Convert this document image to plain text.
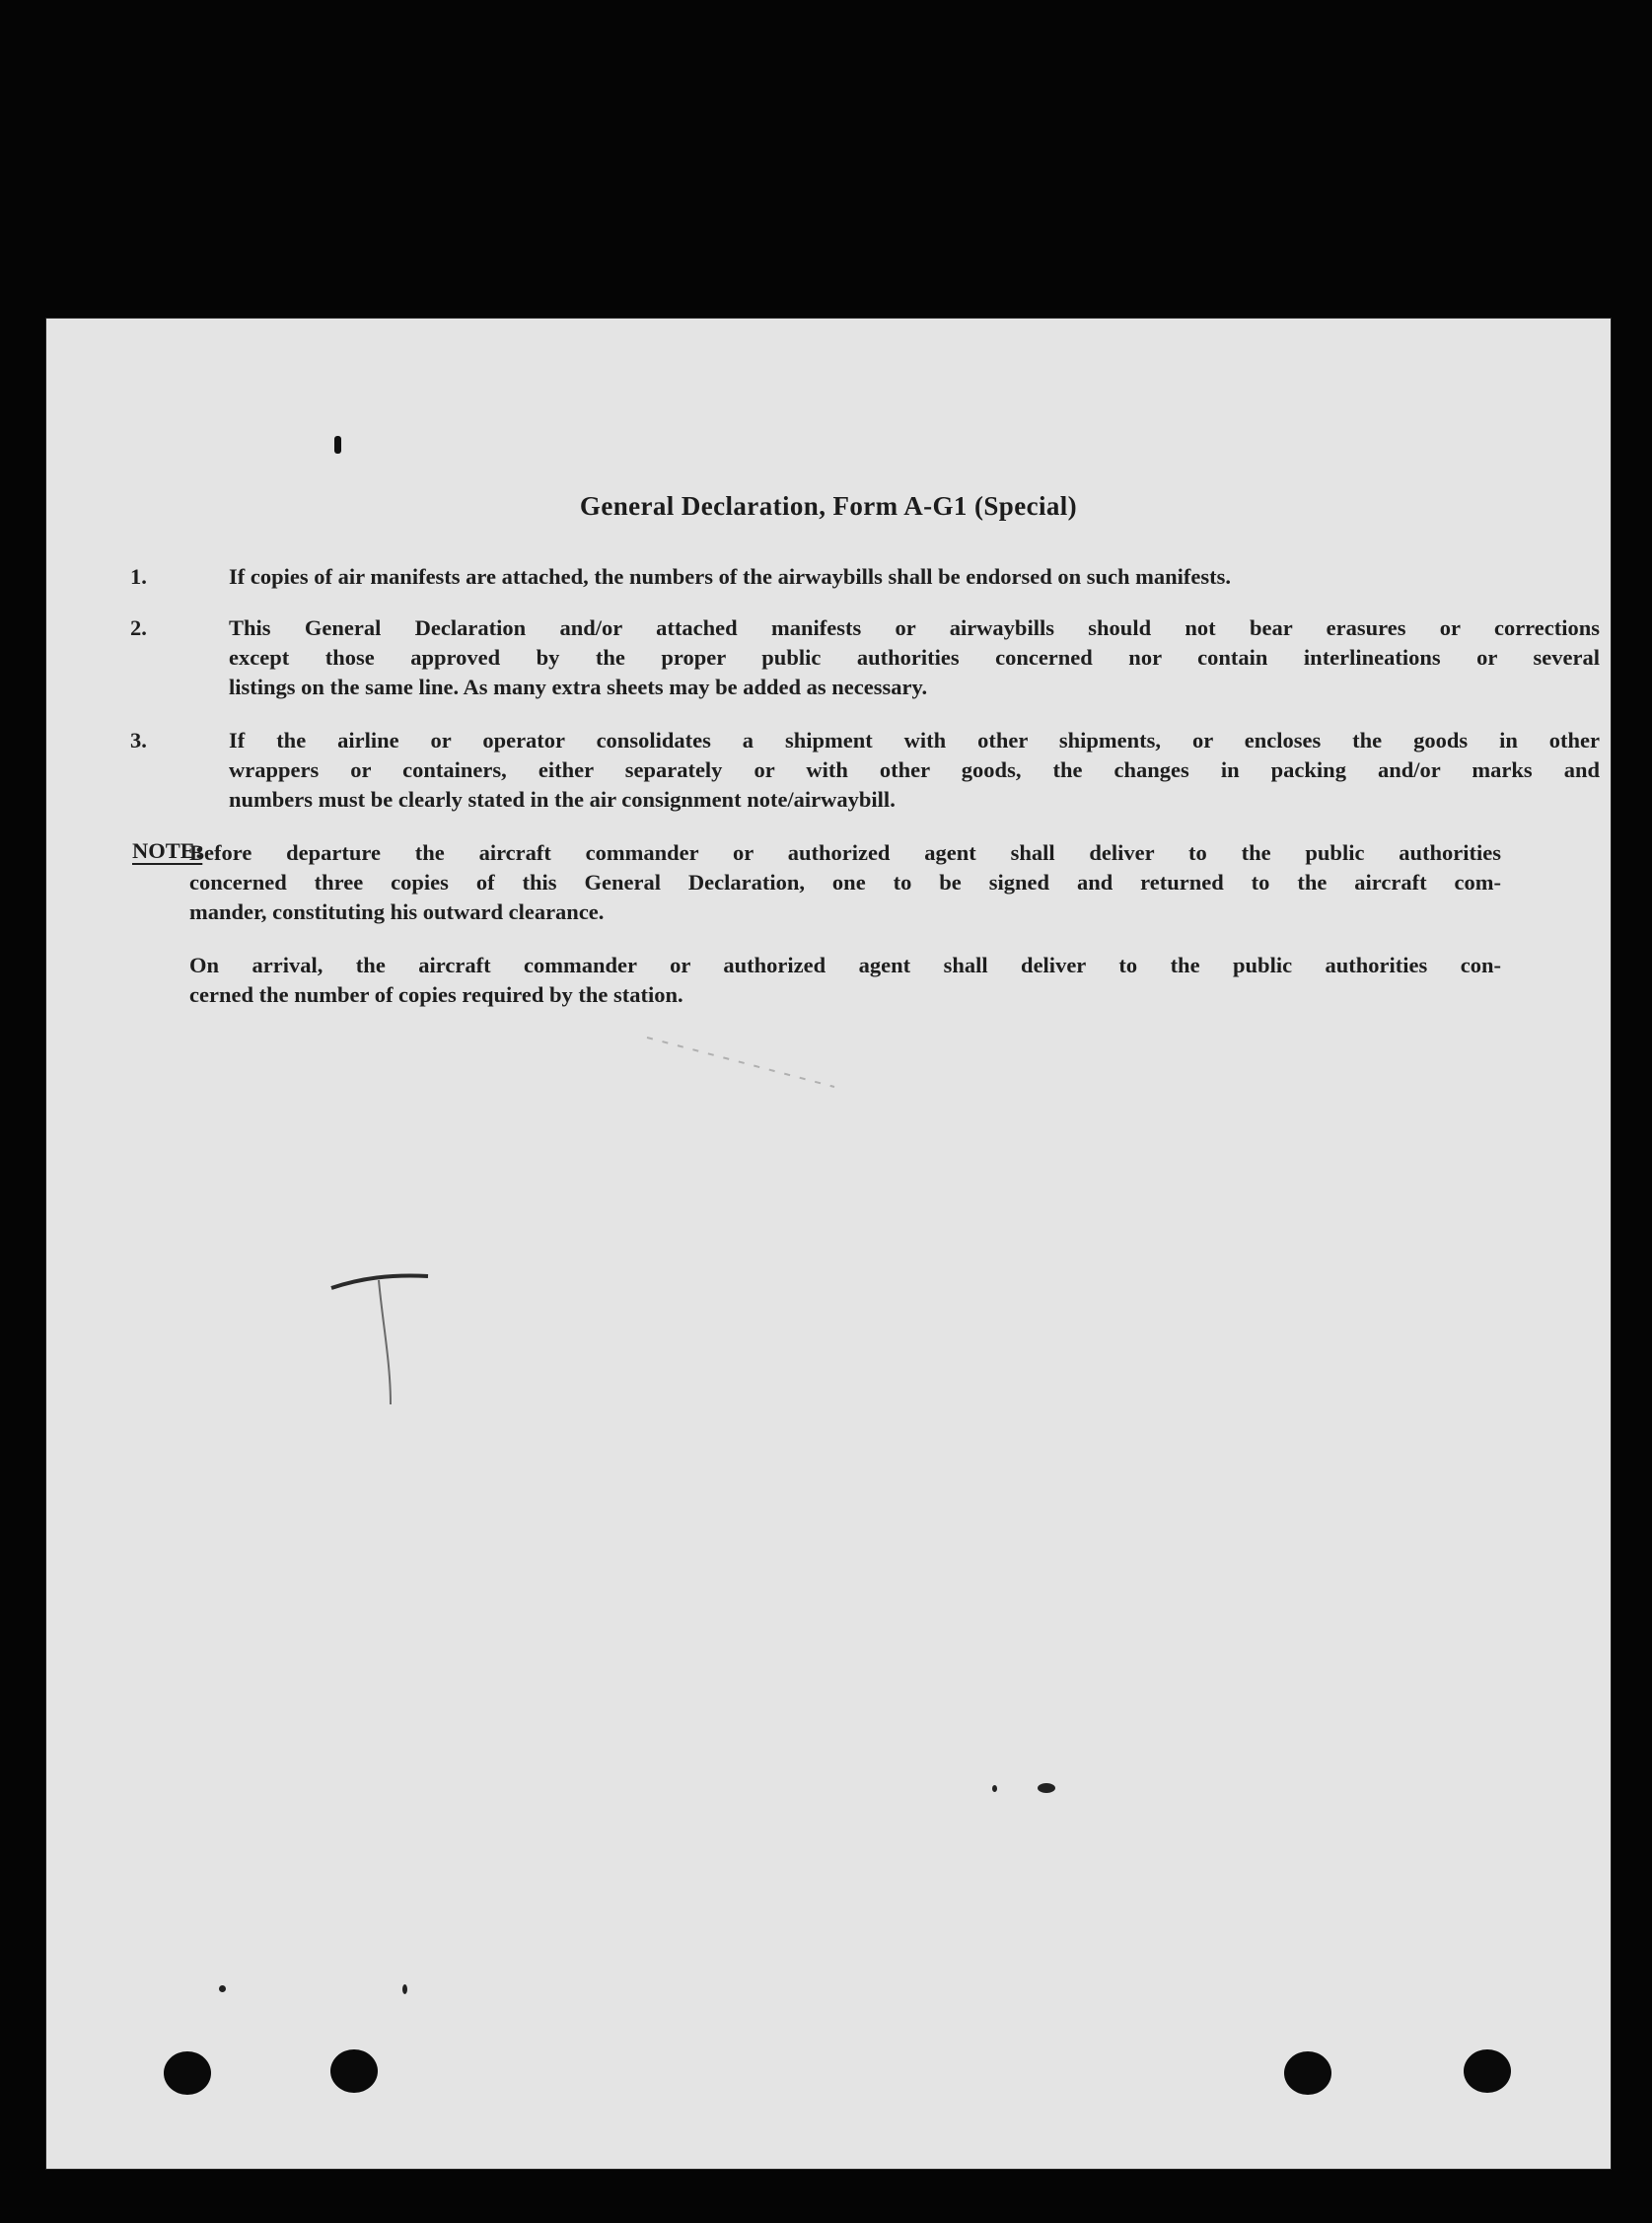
General Declaration, Form A-G1 (Special)
1.	If copies of air manifests are attached, the numbers of the airwaybills shall be endorsed on such manifests.
2.	This General Declaration and/or attached manifests or airwaybills should not bear erasures or corrections
except those approved by the proper public authorities concerned nor contain interlineations or several
listings on the same line. As many extra sheets may be added as necessary.
3.	If the airline or operator consolidates a shipment with other shipments, or encloses the goods in other
wrappers or containers, either separately or with other goods, the changes in packing and/or marks and
numbers must be clearly stated in the air consignment note/airwaybill.
NOTE:
Before departure the aircraft commander or authorized agent shall deliver to the public authorities
concerned three copies of this General Declaration, one to be signed and returned to the aircraft com-
mander, constituting his outward clearance.
On arrival, the aircraft commander or authorized agent shall deliver to the public authorities con-
cerned the number of copies required by the station.
